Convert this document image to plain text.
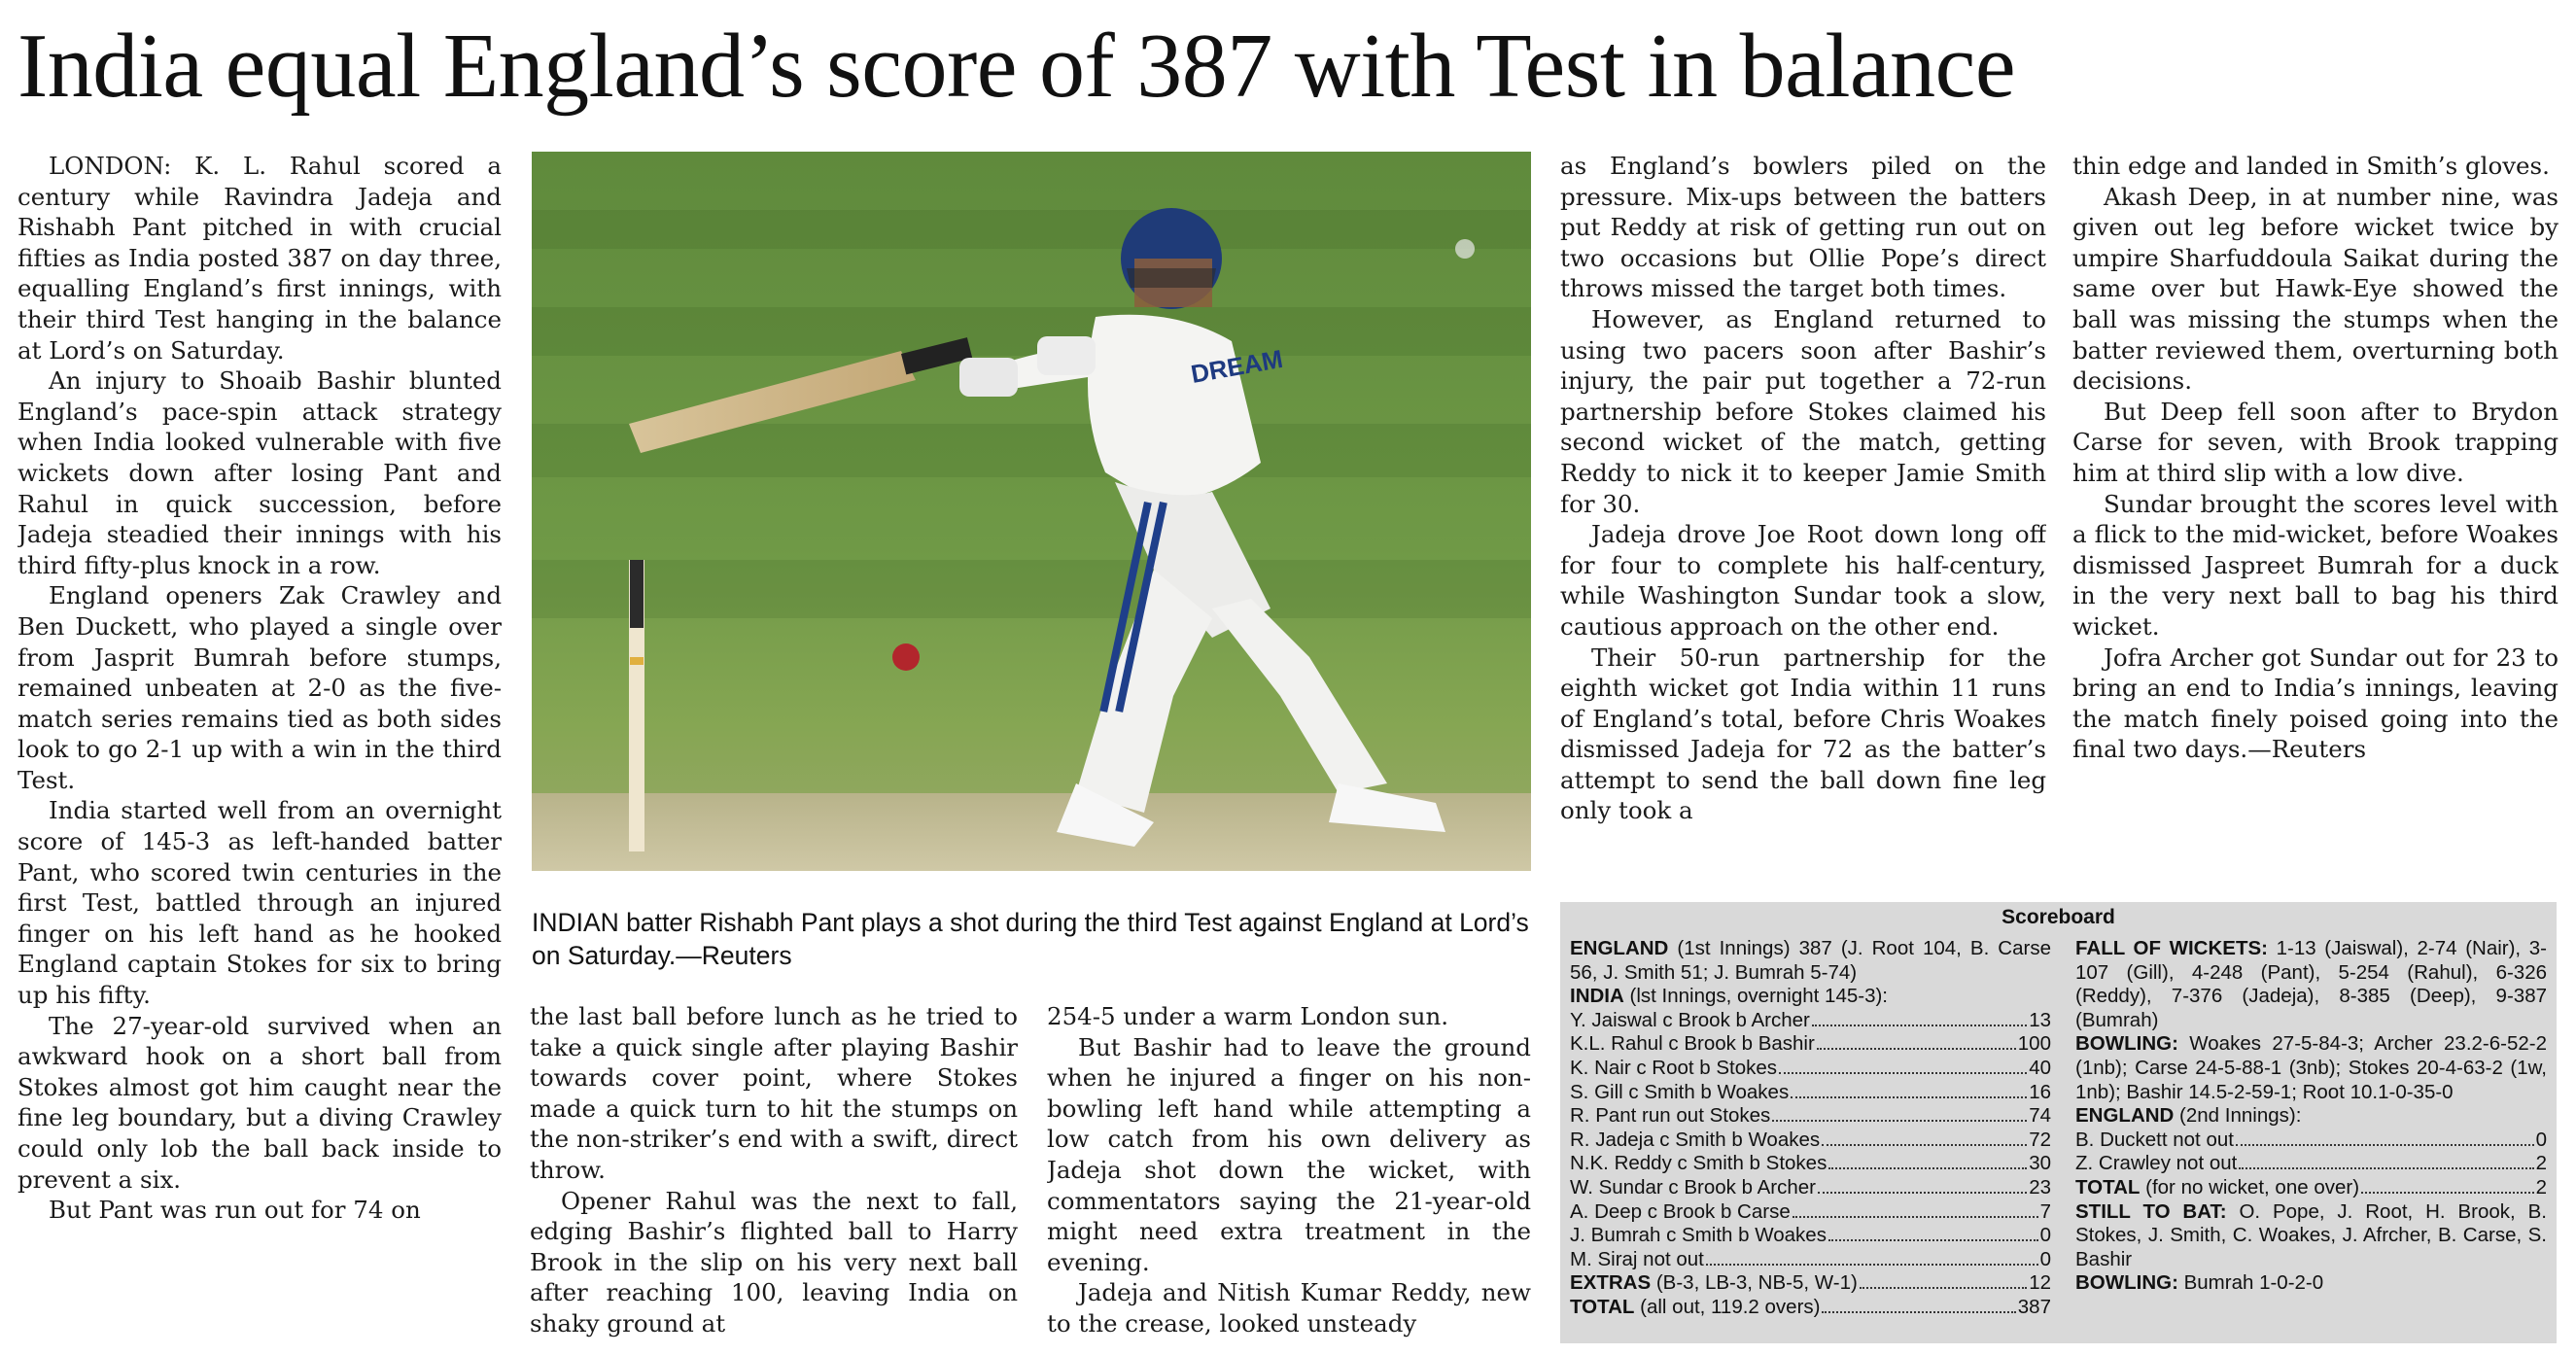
India equal England’s score of 387 with Test in balance

LONDON: K. L. Rahul scored a century while Ravindra Jadeja and Rishabh Pant pitched in with crucial fifties as India posted 387 on day three, equalling England’s first innings, with their third Test hanging in the balance at Lord’s on Saturday.

An injury to Shoaib Bashir blunted England’s pace-spin attack strategy when India looked vulnerable with five wickets down after losing Pant and Rahul in quick succession, before Jadeja steadied their innings with his third fifty-plus knock in a row.

England openers Zak Crawley and Ben Duckett, who played a single over from Jasprit Bumrah before stumps, remained unbeaten at 2-0 as the five-match series remains tied as both sides look to go 2-1 up with a win in the third Test.

India started well from an overnight score of 145-3 as left-handed batter Pant, who scored twin centuries in the first Test, battled through an injured finger on his left hand as he hooked England captain Stokes for six to bring up his fifty.

The 27-year-old survived when an awkward hook on a short ball from Stokes almost got him caught near the fine leg boundary, but a diving Crawley could only lob the ball back inside to prevent a six.

But Pant was run out for 74 on

DREAM
INDIAN batter Rishabh Pant plays a shot during the third Test against England at Lord’s on Saturday.—Reuters

the last ball before lunch as he tried to take a quick single after playing Bashir towards cover point, where Stokes made a quick turn to hit the stumps on the non-striker’s end with a swift, direct throw.

Opener Rahul was the next to fall, edging Bashir’s flighted ball to Harry Brook in the slip on his very next ball after reaching 100, leaving India on shaky ground at

254-5 under a warm London sun.

But Bashir had to leave the ground when he injured a finger on his non-bowling left hand while attempting a low catch from his own delivery as Jadeja shot down the wicket, with commentators saying the 21-year-old might need extra treatment in the evening.

Jadeja and Nitish Kumar Reddy, new to the crease, looked unsteady

as England’s bowlers piled on the pressure. Mix-ups between the batters put Reddy at risk of getting run out on two occasions but Ollie Pope’s direct throws missed the target both times.

However, as England returned to using two pacers soon after Bashir’s injury, the pair put together a 72-run partnership before Stokes claimed his second wicket of the match, getting Reddy to nick it to keeper Jamie Smith for 30.

Jadeja drove Joe Root down long off for four to complete his half-century, while Washington Sundar took a slow, cautious approach on the other end.

Their 50-run partnership for the eighth wicket got India within 11 runs of England’s total, before Chris Woakes dismissed Jadeja for 72 as the batter’s attempt to send the ball down fine leg only took a

thin edge and landed in Smith’s gloves.

Akash Deep, in at number nine, was given out leg before wicket twice by umpire Sharfuddoula Saikat during the same over but Hawk-Eye showed the ball was missing the stumps when the batter reviewed them, overturning both decisions.

But Deep fell soon after to Brydon Carse for seven, with Brook trapping him at third slip with a low dive.

Sundar brought the scores level with a flick to the mid-wicket, before Woakes dismissed Jaspreet Bumrah for a duck in the very next ball to bag his third wicket.

Jofra Archer got Sundar out for 23 to bring an end to India’s innings, leaving the match finely poised going into the final two days.—Reuters

Scoreboard
ENGLAND (1st Innings) 387 (J. Root 104, B. Carse 56, J. Smith 51; J. Bumrah 5-74)
INDIA (lst Innings, overnight 145-3):
Y. Jaiswal c Brook b Archer	13
K.L. Rahul c Brook b Bashir	100
K. Nair c Root b Stokes	40
S. Gill c Smith b Woakes	16
R. Pant run out Stokes	74
R. Jadeja c Smith b Woakes	72
N.K. Reddy c Smith b Stokes	30
W. Sundar c Brook b Archer	23
A. Deep c Brook b Carse	7
J. Bumrah c Smith b Woakes	0
M. Siraj not out	0
EXTRAS (B-3, LB-3, NB-5, W-1)	12
TOTAL (all out, 119.2 overs)	387
FALL OF WICKETS: 1-13 (Jaiswal), 2-74 (Nair), 3-107 (Gill), 4-248 (Pant), 5-254 (Rahul), 6-326 (Reddy), 7-376 (Jadeja), 8-385 (Deep), 9-387 (Bumrah)
BOWLING: Woakes 27-5-84-3; Archer 23.2-6-52-2 (1nb); Carse 24-5-88-1 (3nb); Stokes 20-4-63-2 (1w, 1nb); Bashir 14.5-2-59-1; Root 10.1-0-35-0
ENGLAND (2nd Innings):
B. Duckett not out	0
Z. Crawley not out	2
TOTAL (for no wicket, one over)	2
STILL TO BAT: O. Pope, J. Root, H. Brook, B. Stokes, J. Smith, C. Woakes, J. Afrcher, B. Carse, S. Bashir
BOWLING: Bumrah 1-0-2-0
